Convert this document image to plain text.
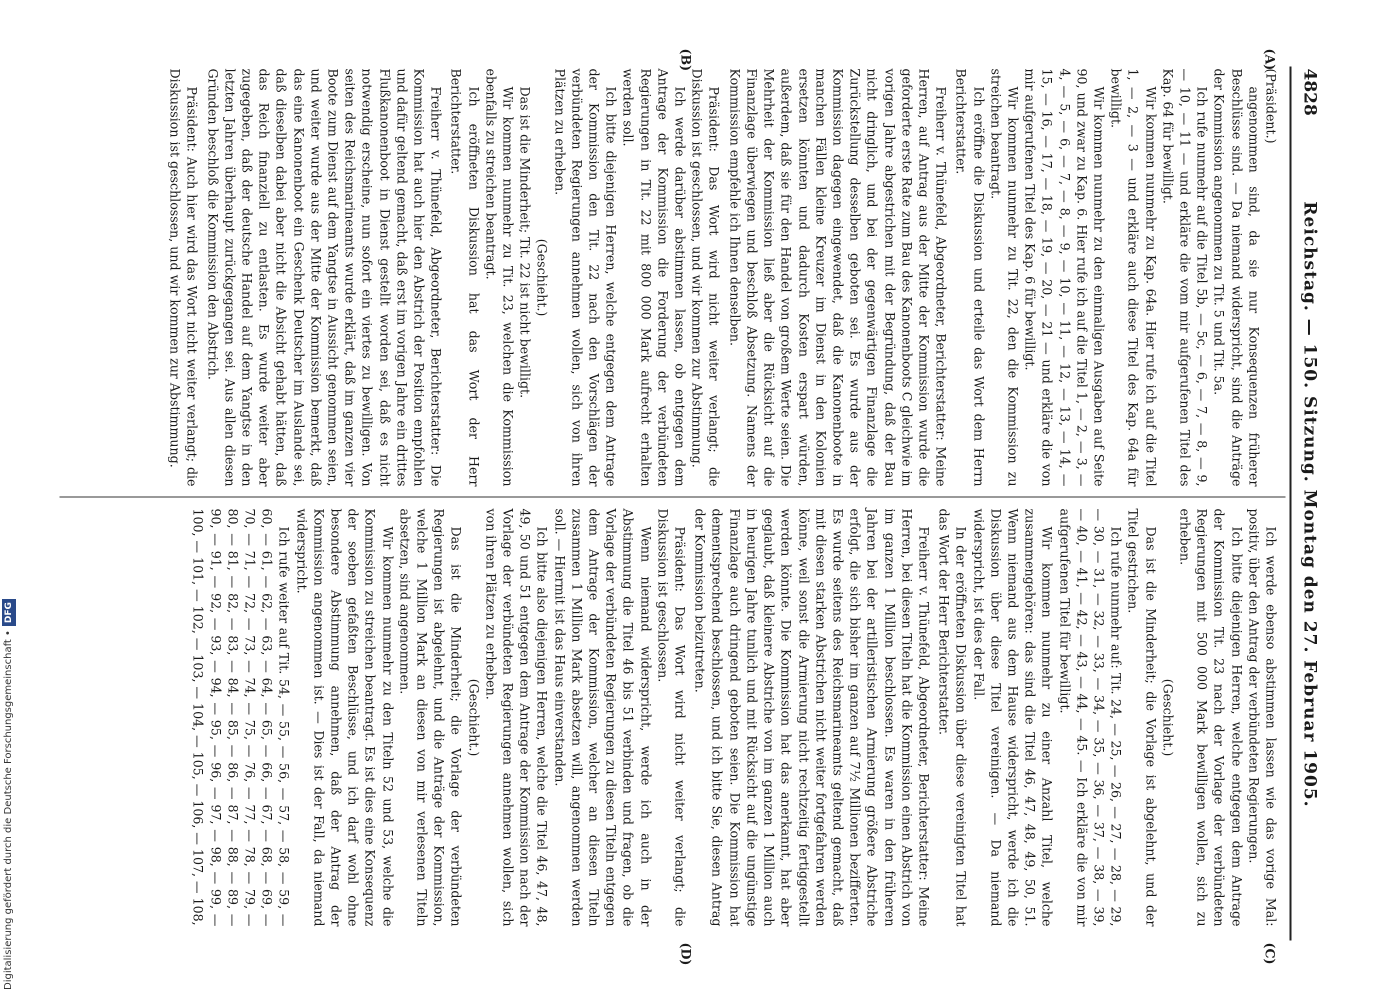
4828
Reichstag. — 150. Sitzung. Montag den 27. Februar 1905.
(A)
(B)
(C)
(D)

(Präsident.)

angenommen sind, da sie nur Konsequenzen früherer Beschlüsse sind. — Da niemand widerspricht, sind die Anträge der Kommission angenommen zu Tit. 5 und Tit. 5a.

Ich rufe nunmehr auf die Titel 5b, — 5c, — 6, — 7, — 8, — 9, — 10, — 11 — und erkläre die vom mir aufgerufenen Titel des Kap. 64 für bewilligt.

Wir kommen nunmehr zu Kap. 64a. Hier rufe ich auf die Titel 1, — 2, — 3 — und erkläre auch diese Titel des Kap. 64a für bewilligt.

Wir kommen nunmehr zu den einmaligen Ausgaben auf Seite 90, und zwar zu Kap. 6. Hier rufe ich auf die Titel 1, — 2, — 3, — 4, — 5, — 6, — 7, — 8, — 9, — 10, — 11, — 12, — 13, — 14, — 15, — 16, — 17, — 18, — 19, — 20, — 21 — und erkläre die von mir aufgerufenen Titel des Kap. 6 für bewilligt.

Wir kommen nunmehr zu Tit. 22, den die Kommission zu streichen beantragt.

Ich eröffne die Diskussion und erteile das Wort dem Herrn Berichterstatter.

Freiherr v. Thünefeld, Abgeordneter, Berichterstatter: Meine Herren, auf Antrag aus der Mitte der Kommission wurde die geforderte erste Rate zum Bau des Kanonenboots C gleichwie im vorigen Jahre abgestrichen mit der Begründung, daß der Bau nicht dringlich, und bei der gegenwärtigen Finanzlage die Zurückstellung desselben geboten sei. Es wurde aus der Kommission dagegen eingewendet, daß die Kanonenboote in manchen Fällen kleine Kreuzer im Dienst in den Kolonien ersetzen könnten und dadurch Kosten erspart würden, außerdem, daß sie für den Handel von großem Werte seien. Die Mehrheit der Kommission ließ aber die Rücksicht auf die Finanzlage überwiegen und beschloß Absetzung. Namens der Kommission empfehle ich Ihnen denselben.

Präsident: Das Wort wird nicht weiter verlangt; die Diskussion ist geschlossen, und wir kommen zur Abstimmung.

Ich werde darüber abstimmen lassen, ob entgegen dem Antrage der Kommission die Forderung der verbündeten Regierungen in Tit. 22 mit 800 000 Mark aufrecht erhalten werden soll.

Ich bitte diejenigen Herren, welche entgegen dem Antrage der Kommission den Tit. 22 nach den Vorschlägen der verbündeten Regierungen annehmen wollen, sich von ihren Plätzen zu erheben.

(Geschieht.)

Das ist die Minderheit; Tit. 22 ist nicht bewilligt.

Wir kommen nunmehr zu Tit. 23, welchen die Kommission ebenfalls zu streichen beantragt.

Ich eröffneten Diskussion hat das Wort der Herr Berichterstatter.

Freiherr v. Thünefeld, Abgeordneter, Berichterstatter: Die Kommission hat auch hier den Abstrich der Position empfohlen und dafür geltend gemacht, daß erst im vorigen Jahre ein drittes Flußkanonenboot in Dienst gestellt worden sei, daß es nicht notwendig erscheine, nun sofort ein viertes zu bewilligen. Von seiten des Reichsmarineamts wurde erklärt, daß im ganzen vier Boote zum Dienst auf dem Yangtse in Aussicht genommen seien, und weiter wurde aus der Mitte der Kommission bemerkt, daß das eine Kanonenboot ein Geschenk Deutscher im Auslande sei, daß dieselben dabei aber nicht die Absicht gehabt hätten, daß das Reich finanziell zu entlasten. Es wurde weiter aber zugegeben, daß der deutsche Handel auf dem Yangtse in den letzten Jahren überhaupt zurückgegangen sei. Aus allen diesen Gründen beschloß die Kommission den Abstrich.

Präsident: Auch hier wird das Wort nicht weiter verlangt; die Diskussion ist geschlossen, und wir kommen zur Abstimmung.

Ich werde ebenso abstimmen lassen wie das vorige Mal: positiv, über den Antrag der verbündeten Regierungen.

Ich bitte diejenigen Herren, welche entgegen dem Antrage der Kommission Tit. 23 nach der Vorlage der verbündeten Regierungen mit 500 000 Mark bewilligen wollen, sich zu erheben.

(Geschieht.)

Das ist die Minderheit; die Vorlage ist abgelehnt, und der Titel gestrichen.

Ich rufe nunmehr auf: Tit. 24, — 25, — 26, — 27, — 28, — 29, — 30, — 31, — 32, — 33, — 34, — 35, — 36, — 37, — 38, — 39, — 40, — 41, — 42, — 43, — 44, — 45. — Ich erkläre die von mir aufgerufenen Titel für bewilligt.

Wir kommen nunmehr zu einer Anzahl Titel, welche zusammengehören: das sind die Titel 46, 47, 48, 49, 50, 51. Wenn niemand aus dem Hause widerspricht, werde ich die Diskussion über diese Titel vereinigen. — Da niemand widerspricht, ist dies der Fall.

In der eröffneten Diskussion über diese vereinigten Titel hat das Wort der Herr Berichterstatter.

Freiherr v. Thünefeld, Abgeordneter, Berichterstatter: Meine Herren, bei diesen Titeln hat die Kommission einen Abstrich von im ganzen 1 Million beschlossen. Es waren in den früheren Jahren bei der artilleristischen Armierung größere Abstriche erfolgt, die sich bisher im ganzen auf 7½ Millionen bezifferten. Es wurde seitens des Reichsmarineamts geltend gemacht, daß mit diesen starken Abstrichen nicht weiter fortgefahren werden könne, weil sonst die Armierung nicht rechtzeitig fertiggestellt werden könnte. Die Kommission hat das anerkannt, hat aber geglaubt, daß kleinere Abstriche von im ganzen 1 Million auch in heurigen Jahre tunlich und mit Rücksicht auf die ungünstige Finanzlage auch dringend geboten seien. Die Kommission hat dementsprechend beschlossen, und ich bitte Sie, diesen Antrag der Kommission beizutreten.

Präsident: Das Wort wird nicht weiter verlangt; die Diskussion ist geschlossen.

Wenn niemand widerspricht, werde ich auch in der Abstimmung die Titel 46 bis 51 verbinden und fragen, ob die Vorlage der verbündeten Regierungen zu diesen Titeln entgegen dem Antrage der Kommission, welcher an diesen Titeln zusammen 1 Million Mark absetzen will, angenommen werden soll. — Hiermit ist das Haus einverstanden.

Ich bitte also diejenigen Herren, welche die Titel 46, 47, 48, 49, 50 und 51 entgegen dem Antrage der Kommission nach der Vorlage der verbündeten Regierungen annehmen wollen, sich von ihren Plätzen zu erheben.

(Geschieht.)

Das ist die Minderheit; die Vorlage der verbündeten Regierungen ist abgelehnt, und die Anträge der Kommission, welche 1 Million Mark an diesen von mir verlesenen Titeln absetzen, sind angenommen.

Wir kommen nunmehr zu den Titeln 52 und 53, welche die Kommission zu streichen beantragt. Es ist dies eine Konsequenz der soeben gefaßten Beschlüsse, und ich darf wohl ohne besondere Abstimmung annehmen, daß der Antrag der Kommission angenommen ist. — Dies ist der Fall, da niemand widerspricht.

Ich rufe weiter auf Tit. 54, — 55, — 56, — 57, — 58, — 59, — 60, — 61, — 62, — 63, — 64, — 65, — 66, — 67, — 68, — 69, — 70, — 71, — 72, — 73, — 74, — 75, — 76, — 77, — 78, — 79, — 80, — 81, — 82, — 83, — 84, — 85, — 86, — 87, — 88, — 89, — 90, — 91, — 92, — 93, — 94, — 95, — 96, — 97, — 98, — 99, — 100, — 101, — 102, — 103, — 104, — 105, — 106, — 107, — 108,

Digitalisierung gefördert durch die Deutsche Forschungsgemeinschaft •DFG
